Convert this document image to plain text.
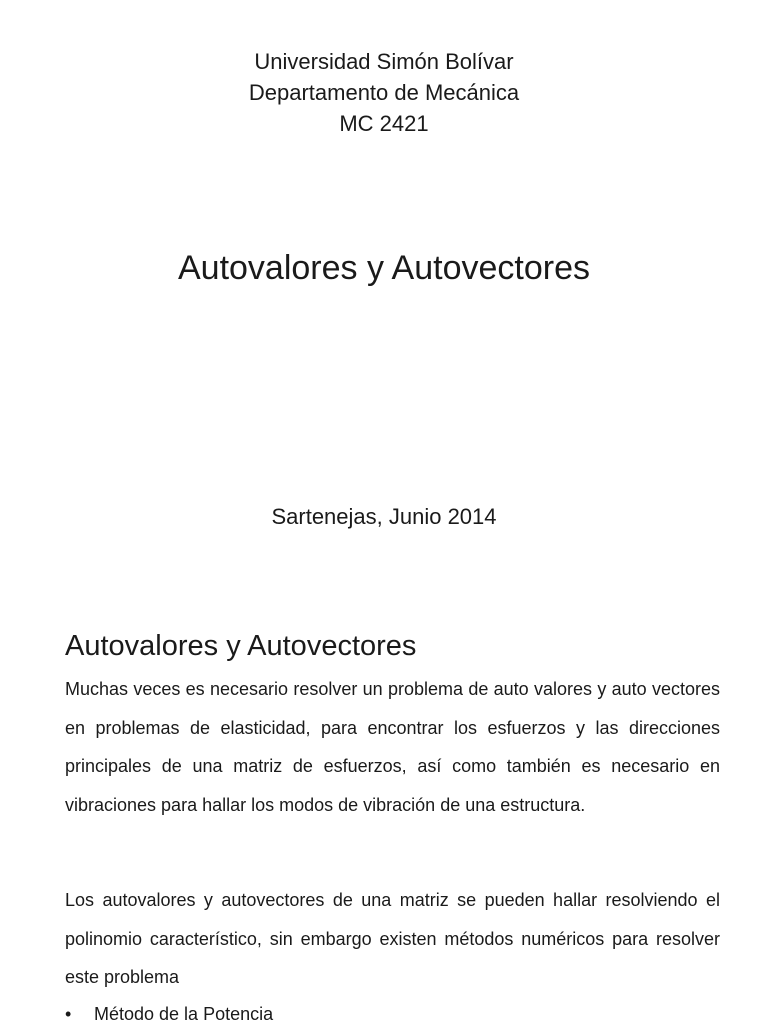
Universidad Simón Bolívar
Departamento de Mecánica
MC 2421
Autovalores y Autovectores
Sartenejas, Junio 2014
Autovalores y Autovectores

Muchas veces es necesario resolver un problema de auto valores y auto vectores en problemas de elasticidad, para encontrar los esfuerzos y las direcciones principales de una matriz de esfuerzos, así como también es necesario en vibraciones para hallar los modos de vibración de una estructura.

Los autovalores y autovectores de una matriz se pueden hallar resolviendo el polinomio característico, sin embargo existen métodos numéricos para resolver este problema

• Método de la Potencia
